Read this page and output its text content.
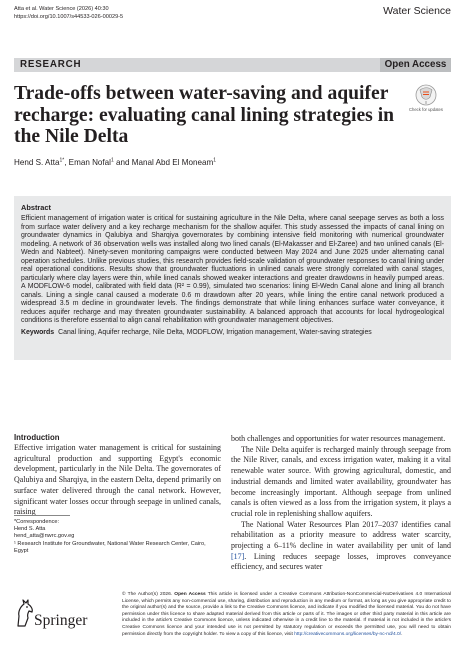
Atta et al. Water Science (2026) 40:30
https://doi.org/10.1007/s44533-026-00029-5	Water Science
RESEARCH	Open Access
Trade-offs between water-saving and aquifer recharge: evaluating canal lining strategies in the Nile Delta
Check for updates
Hend S. Atta$^{1*}$, Eman Nofal$^1$ and Manal Abd El Moneam$^1$
Abstract
Efficient management of irrigation water is critical for sustaining agriculture in the Nile Delta, where canal seepage serves as both a loss from surface water delivery and a key recharge mechanism for the shallow aquifer. This study assessed the impacts of canal lining on groundwater dynamics in Qalubiya and Sharqiya governorates by combining intensive field monitoring with numerical groundwater modeling. A network of 36 observation wells was installed along two lined canals (El-Makasser and El-Zaree) and two unlined canals (El-Wedn and Nabteet). Ninety-seven monitoring campaigns were conducted between May 2024 and June 2025 under alternating canal operation schedules. Unlike previous studies, this research provides field-scale validation of groundwater responses to canal lining under real operational conditions. Results show that groundwater fluctuations in unlined canals were strongly correlated with canal stages, particularly where clay layers were thin, while lined canals showed weaker interactions and greater drawdowns in heavily pumped areas. A MODFLOW-6 model, calibrated with field data (R² = 0.99), simulated two scenarios: lining El-Wedn Canal alone and lining all branch canals. Lining a single canal caused a moderate 0.6 m drawdown after 20 years, while lining the entire canal network produced a widespread 3.5 m decline in groundwater levels. The findings demonstrate that while lining enhances surface water conveyance, it reduces aquifer recharge and may threaten groundwater sustainability. A balanced approach that accounts for local hydrogeological conditions is therefore essential to align canal rehabilitation with groundwater management objectives.
Keywords Canal lining, Aquifer recharge, Nile Delta, MODFLOW, Irrigation management, Water-saving strategies
Introduction

Effective irrigation water management is critical for sustaining agricultural production and supporting Egypt's economic development, particularly in the Nile Delta. The governorates of Qalubiya and Sharqiya, in the eastern Delta, depend primarily on surface water delivered through the canal network. However, significant water losses occur through seepage in unlined canals, raising

both challenges and opportunities for water resources management.

The Nile Delta aquifer is recharged mainly through seepage from the Nile River, canals, and excess irrigation water, making it a vital renewable water source. With growing agricultural, domestic, and industrial demands and limited water availability, groundwater has become increasingly important. Although seepage from unlined canals is often viewed as a loss from the irrigation system, it plays a crucial role in replenishing shallow aquifers.

The National Water Resources Plan 2017–2037 identifies canal rehabilitation as a priority measure to address water scarcity, projecting a 6–11% decline in water availability per unit of land [17]. Lining reduces seepage losses, improves conveyance efficiency, and secures water

*Correspondence:
Hend S. Atta
hend_atta@nwrc.gov.eg
¹ Research Institute for Groundwater, National Water Research Center, Cairo, Egypt
Springer
© The Author(s) 2026. Open Access This article is licensed under a Creative Commons Attribution-NonCommercial-NoDerivatives 4.0 International License, which permits any non-commercial use, sharing, distribution and reproduction in any medium or format, as long as you give appropriate credit to the original author(s) and the source, provide a link to the Creative Commons licence, and indicate if you modified the licensed material. You do not have permission under this licence to share adapted material derived from this article or parts of it. The images or other third party material in this article are included in the article's Creative Commons licence, unless indicated otherwise in a credit line to the material. If material is not included in the article's Creative Commons licence and your intended use is not permitted by statutory regulation or exceeds the permitted use, you will need to obtain permission directly from the copyright holder. To view a copy of this licence, visit http://creativecommons.org/licenses/by-nc-nd/4.0/.
